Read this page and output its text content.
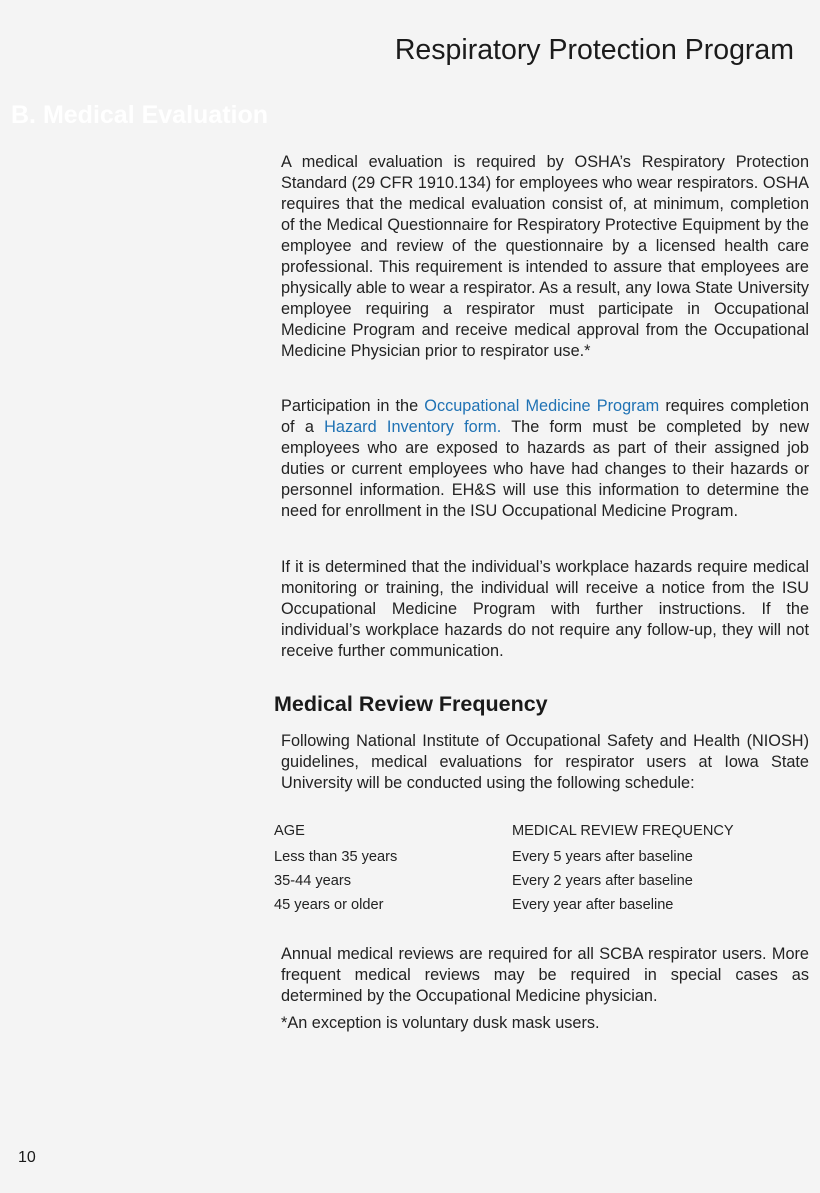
Respiratory Protection Program
B. Medical Evaluation

A medical evaluation is required by OSHA’s Respiratory Protection Standard (29 CFR 1910.134) for employees who wear respirators. OSHA requires that the medical evaluation consist of, at minimum, completion of the Medical Questionnaire for Respiratory Protective Equipment by the employee and review of the questionnaire by a licensed health care professional. This requirement is intended to assure that employees are physically able to wear a respirator. As a result, any Iowa State University employee requiring a respirator must participate in Occupational Medicine Program and receive medical approval from the Occupational Medicine Physician prior to respirator use.*

Participation in the Occupational Medicine Program requires completion of a Hazard Inventory form. The form must be completed by new employees who are exposed to hazards as part of their assigned job duties or current employees who have had changes to their hazards or personnel information. EH&S will use this information to determine the need for enrollment in the ISU Occupational Medicine Program.

If it is determined that the individual’s workplace hazards require medical monitoring or training, the individual will receive a notice from the ISU Occupational Medicine Program with further instructions. If the individual’s workplace hazards do not require any follow-up, they will not receive further communication.

Medical Review Frequency

Following National Institute of Occupational Safety and Health (NIOSH) guidelines, medical evaluations for respirator users at Iowa State University will be conducted using the following schedule:

AGE	MEDICAL REVIEW FREQUENCY
Less than 35 years	Every 5 years after baseline
35-44 years	Every 2 years after baseline
45 years or older	Every year after baseline

Annual medical reviews are required for all SCBA respirator users. More frequent medical reviews may be required in special cases as determined by the Occupational Medicine physician.

*An exception is voluntary dusk mask users.

10
